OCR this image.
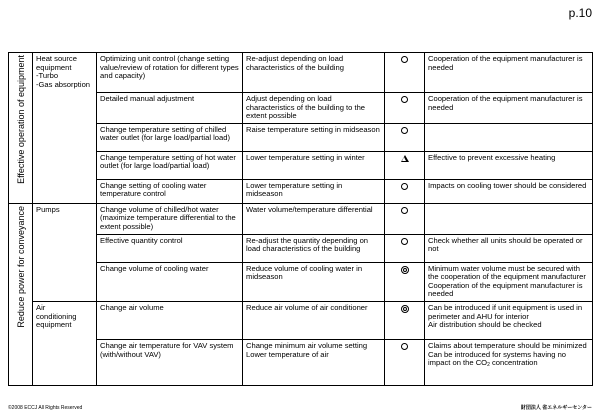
p.10
Effective operation of equipment	Heat source
equipment
-Turbo
-Gas absorption	Optimizing unit control (change setting value/review of rotation for different types and capacity)	Re-adjust depending on load characteristics of the building		Cooperation of the equipment manufacturer is needed
		Detailed manual adjustment	Adjust depending on load characteristics of the building to the extent possible		Cooperation of the equipment manufacturer is needed
		Change temperature setting of chilled water outlet (for large load/partial load)	Raise temperature setting in midseason		
		Change temperature setting of hot water outlet (for large load/partial load)	Lower temperature setting in winter		Effective to prevent excessive heating
		Change setting of cooling water temperature control	Lower temperature setting in midseason		Impacts on cooling tower should be considered

Reduce power for conveyance	Pumps	Change volume of chilled/hot water (maximize temperature differential to the extent possible)	Water volume/temperature differential		
		Effective quantity control	Re-adjust the quantity depending on load characteristics of the building		Check whether all units should be operated or not
		Change volume of cooling water	Reduce volume of cooling water in midseason		Minimum water volume must be secured with the cooperation of the equipment manufacturer Cooperation of the equipment manufacturer is needed

	Air
conditioning
equipment	Change air volume	Reduce air volume of air conditioner		Can be introduced if unit equipment is used in perimeter and AHU for interior
Air distribution should be checked

		Change air temperature for VAV system (with/without VAV)	Change minimum air volume setting Lower temperature of air		Claims about temperature should be minimized
Can be introduced for systems having no impact on the $CO_2$ concentration
©2008 ECCJ All Rights Reserved	財団法人 省エネルギーセンター
